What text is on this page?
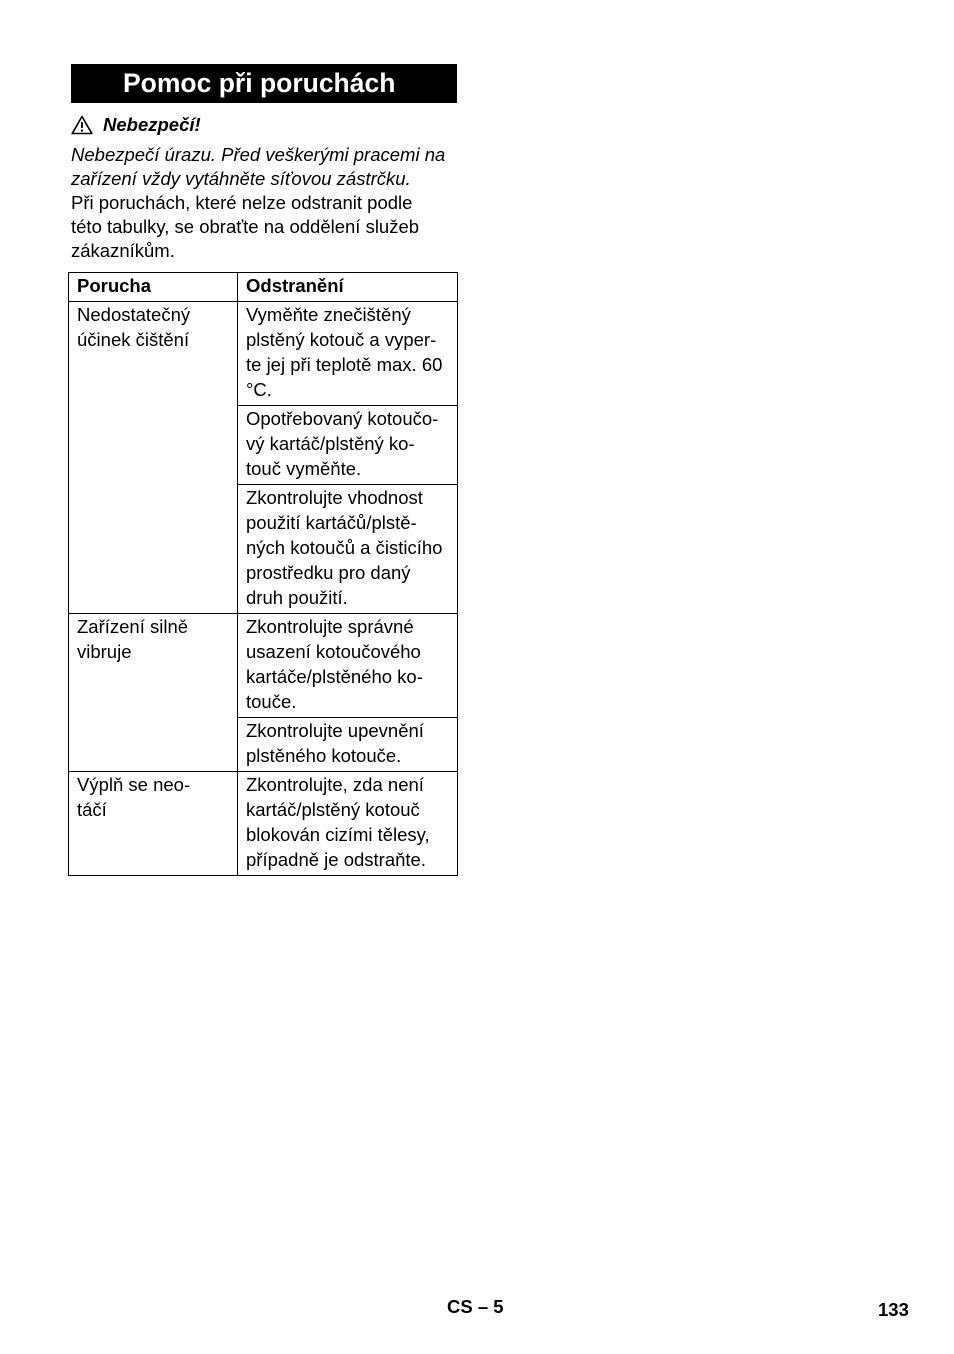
Pomoc při poruchách
Nebezpečí!
Nebezpečí úrazu. Před veškerými pracemi na
zařízení vždy vytáhněte síťovou zástrčku.
Při poruchách, které nelze odstranit podle
této tabulky, se obraťte na oddělení služeb
zákazníkům.
Porucha	Odstranění

Nedostatečný
účinek čištění	Vyměňte znečištěný
plstěný kotouč a vyper-
te jej při teplotě max. 60
°C.

	Opotřebovaný kotoučo-
vý kartáč/plstěný ko-
touč vyměňte.

	Zkontrolujte vhodnost
použití kartáčů/plstě-
ných kotoučů a čisticího
prostředku pro daný
druh použití.

Zařízení silně
vibruje	Zkontrolujte správné
usazení kotoučového
kartáče/plstěného ko-
touče.

	Zkontrolujte upevnění
plstěného kotouče.

Výplň se neo-
táčí	Zkontrolujte, zda není
kartáč/plstěný kotouč
blokován cizími tělesy,
případně je odstraňte.
CS – 5	133
